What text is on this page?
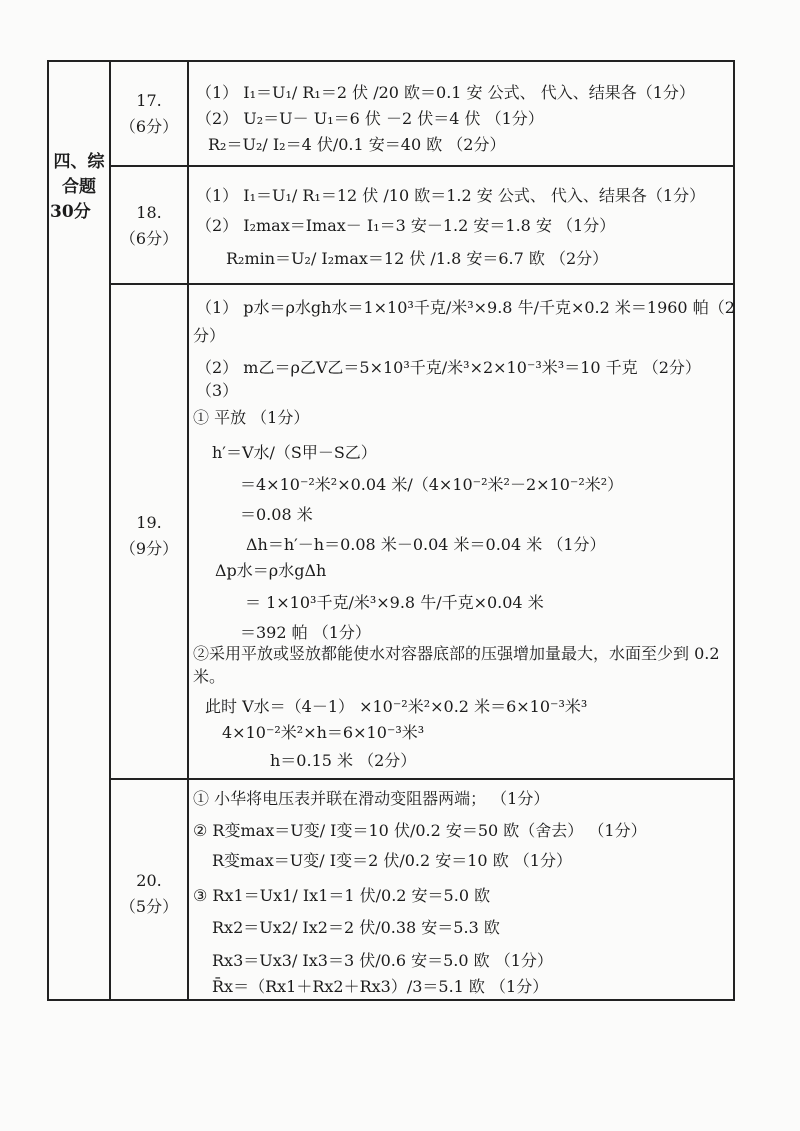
四、综
合题
30分
17.
（6分）
（1） I₁＝U₁/ R₁＝2 伏 /20 欧＝0.1 安 公式、 代入、结果各（1分）
（2） U₂＝U－ U₁＝6 伏 －2 伏＝4 伏 （1分）
R₂＝U₂/ I₂＝4 伏/0.1 安＝40 欧 （2分）
18.
（6分）
（1） I₁＝U₁/ R₁＝12 伏 /10 欧＝1.2 安 公式、 代入、结果各（1分）
（2） I₂max＝Imax－ I₁＝3 安－1.2 安＝1.8 安 （1分）
R₂min＝U₂/ I₂max＝12 伏 /1.8 安＝6.7 欧 （2分）
19.
（9分）
（1） p水＝ρ水gh水＝1×10³千克/米³×9.8 牛/千克×0.2 米＝1960 帕（2
分）
（2） m乙＝ρ乙V乙＝5×10³千克/米³×2×10⁻³米³＝10 千克 （2分）
（3）
① 平放 （1分）
h′＝V水/（S甲－S乙）
＝4×10⁻²米²×0.04 米/（4×10⁻²米²－2×10⁻²米²）
＝0.08 米
Δh＝h′－h＝0.08 米－0.04 米＝0.04 米 （1分）
Δp水＝ρ水gΔh
＝ 1×10³千克/米³×9.8 牛/千克×0.04 米
＝392 帕 （1分）
②采用平放或竖放都能使水对容器底部的压强增加量最大，水面至少到 0.2
米。
此时 V水＝（4－1） ×10⁻²米²×0.2 米＝6×10⁻³米³
4×10⁻²米²×h＝6×10⁻³米³
h＝0.15 米 （2分）
20.
（5分）
① 小华将电压表并联在滑动变阻器两端； （1分）
② R变max＝U变/ I变＝10 伏/0.2 安＝50 欧（舍去） （1分）
R变max＝U变/ I变＝2 伏/0.2 安＝10 欧 （1分）
③ Rx1＝Ux1/ Ix1＝1 伏/0.2 安＝5.0 欧
Rx2＝Ux2/ Ix2＝2 伏/0.38 安＝5.3 欧
Rx3＝Ux3/ Ix3＝3 伏/0.6 安＝5.0 欧 （1分）
R̄x＝（Rx1＋Rx2＋Rx3）/3＝5.1 欧 （1分）
